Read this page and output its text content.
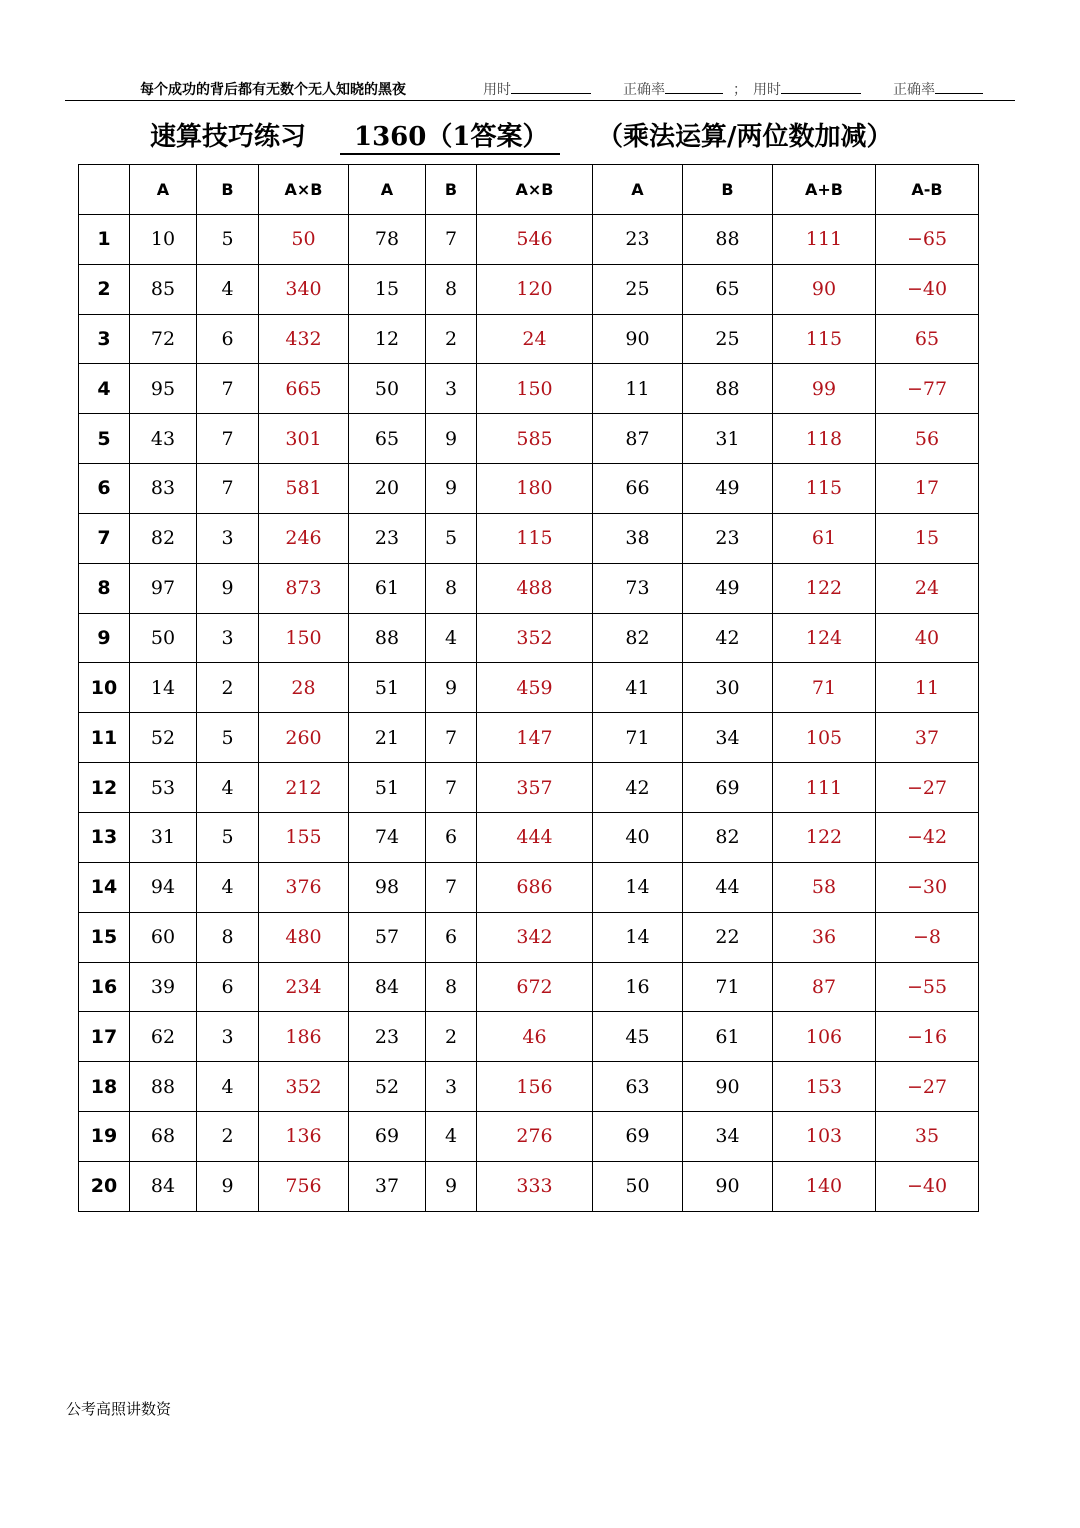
每个成功的背后都有无数个无人知晓的黑夜	用时	正确率	； 用时	正确率
速算技巧练习	1360（1答案）	（乘法运算/两位数加减）
	A	B	A×B	A	B	A×B	A	B	A+B	A-B
1	10	5	50	78	7	546	23	88	111	−65
2	85	4	340	15	8	120	25	65	90	−40
3	72	6	432	12	2	24	90	25	115	65
4	95	7	665	50	3	150	11	88	99	−77
5	43	7	301	65	9	585	87	31	118	56
6	83	7	581	20	9	180	66	49	115	17
7	82	3	246	23	5	115	38	23	61	15
8	97	9	873	61	8	488	73	49	122	24
9	50	3	150	88	4	352	82	42	124	40
10	14	2	28	51	9	459	41	30	71	11
11	52	5	260	21	7	147	71	34	105	37
12	53	4	212	51	7	357	42	69	111	−27
13	31	5	155	74	6	444	40	82	122	−42
14	94	4	376	98	7	686	14	44	58	−30
15	60	8	480	57	6	342	14	22	36	−8
16	39	6	234	84	8	672	16	71	87	−55
17	62	3	186	23	2	46	45	61	106	−16
18	88	4	352	52	3	156	63	90	153	−27
19	68	2	136	69	4	276	69	34	103	35
20	84	9	756	37	9	333	50	90	140	−40
公考高照讲数资
